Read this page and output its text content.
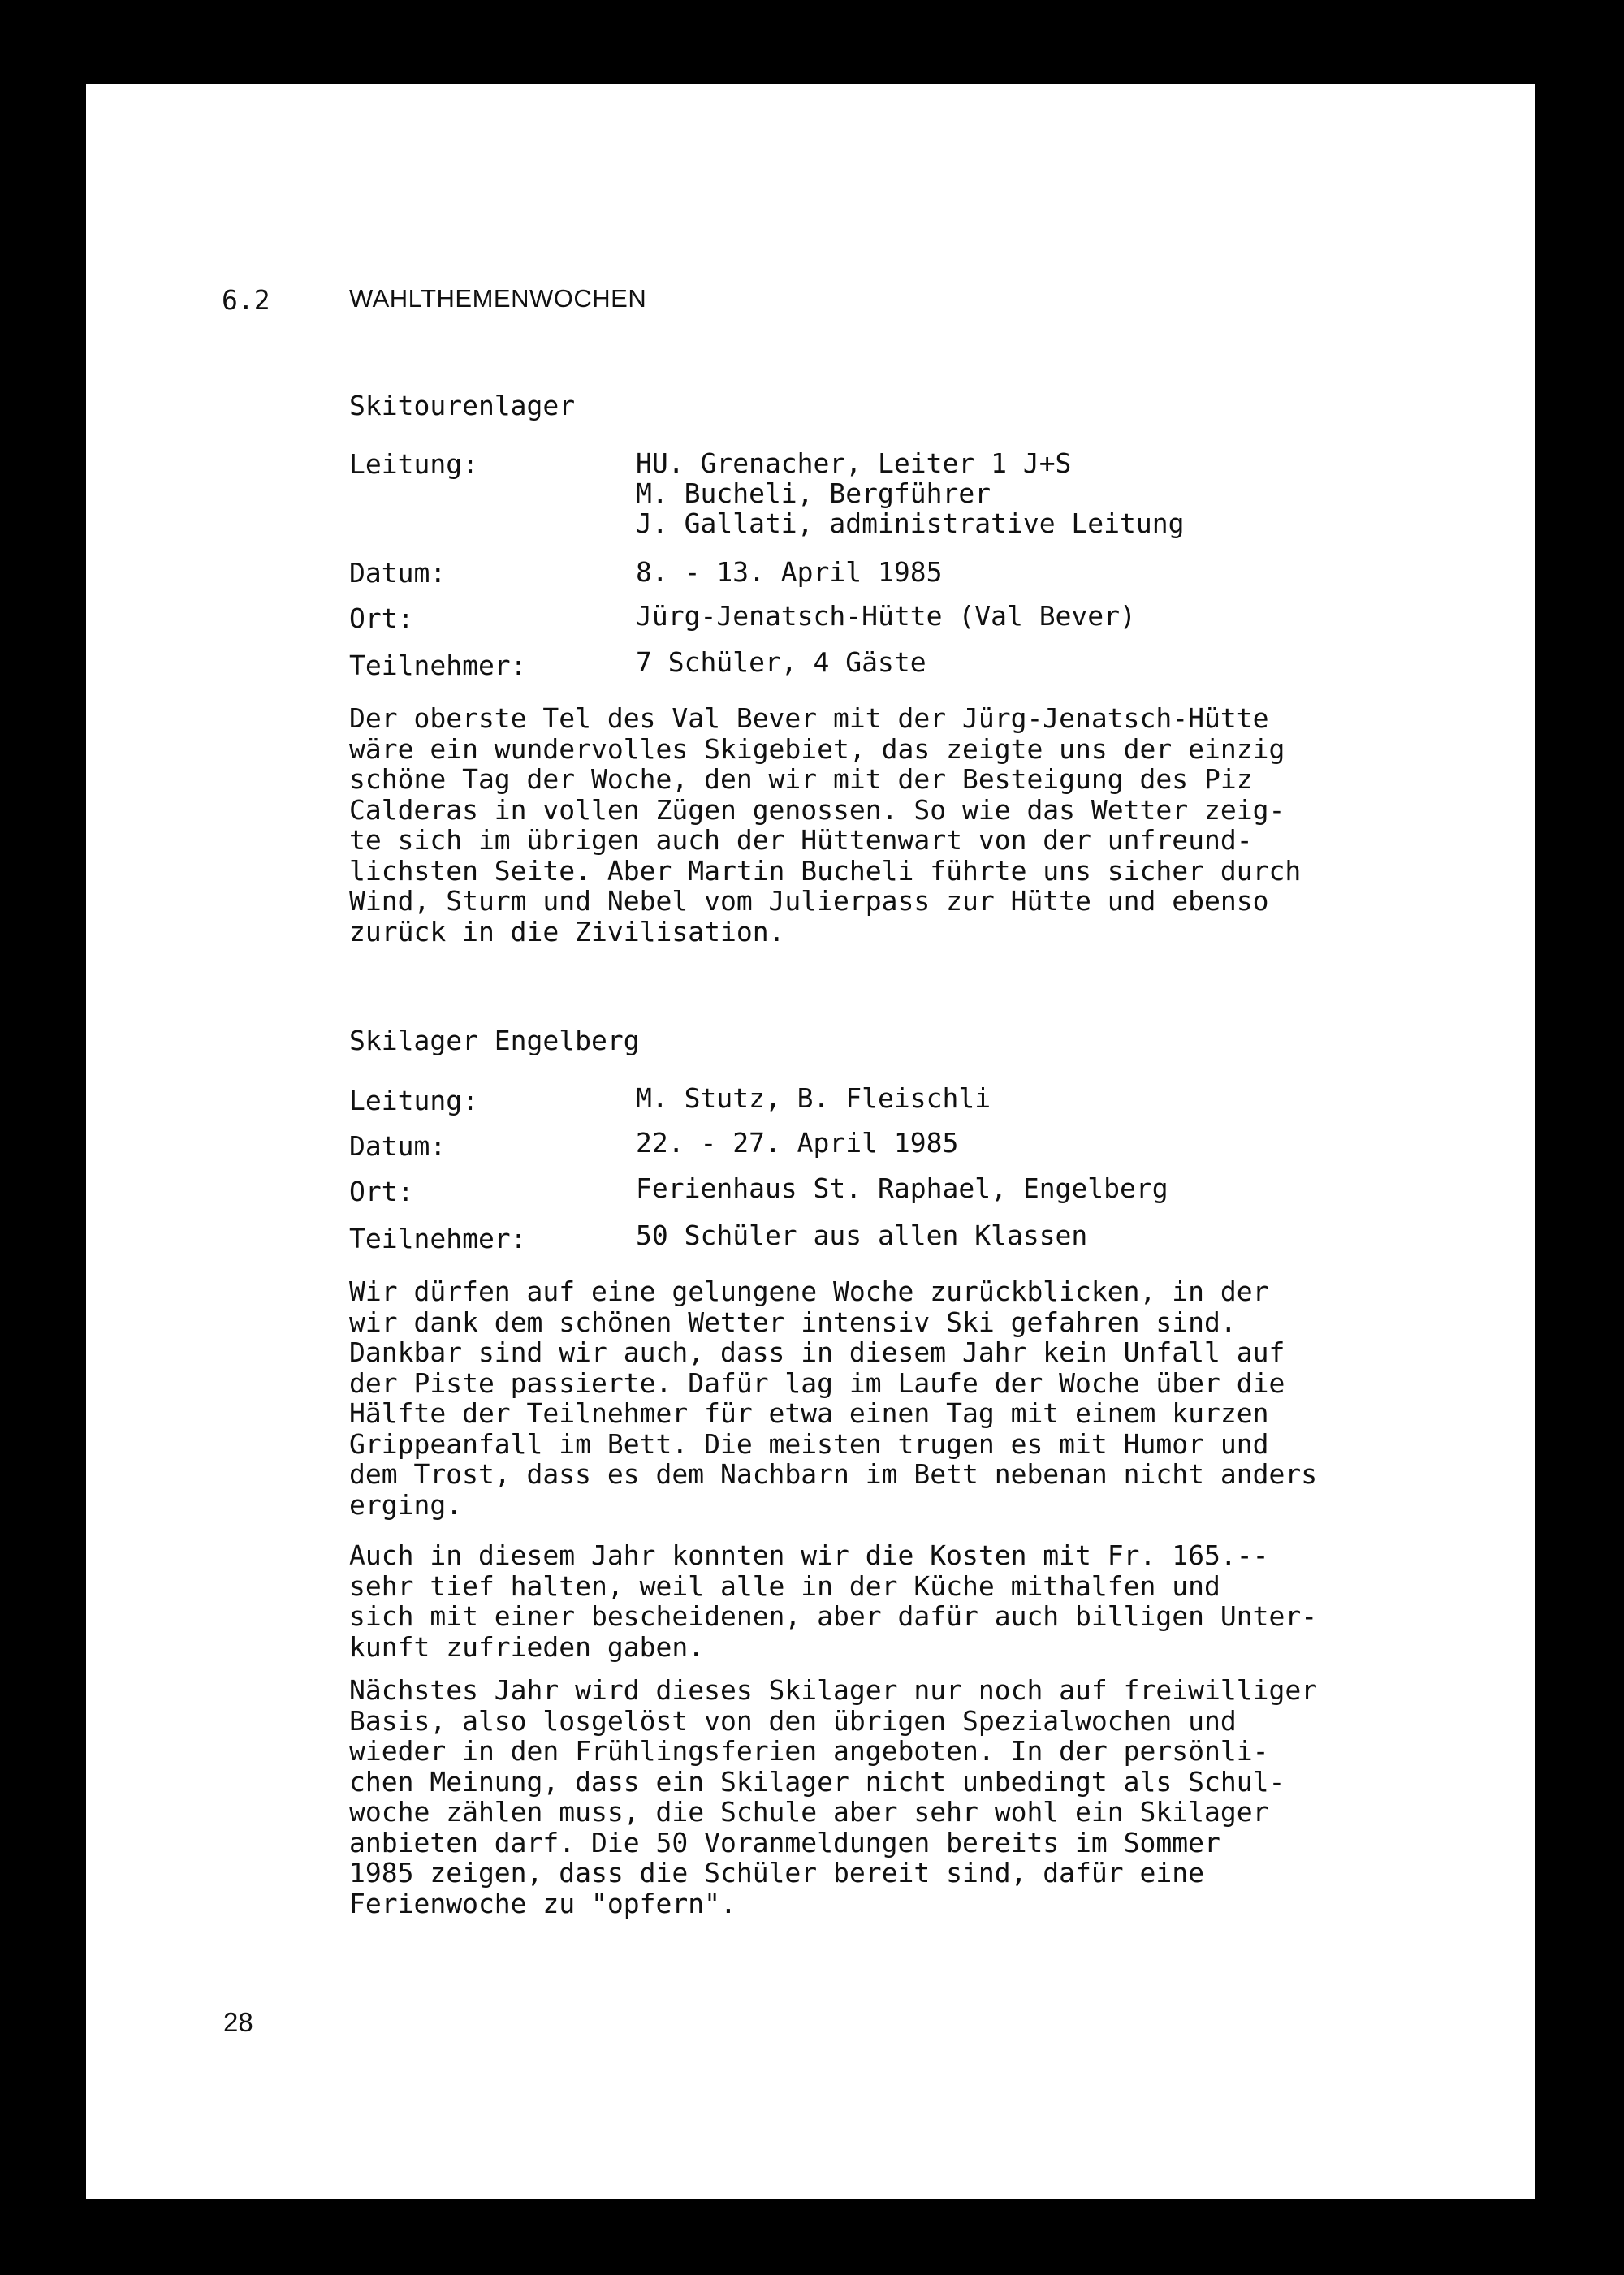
6.2	WAHLTHEMENWOCHEN
Skitourenlager
Leitung:	HU. Grenacher, Leiter 1 J+S
M. Bucheli, Bergführer
J. Gallati, administrative Leitung
Datum:	8. - 13. April 1985
Ort:	Jürg-Jenatsch-Hütte (Val Bever)
Teilnehmer:	7 Schüler, 4 Gäste
Der oberste Tel des Val Bever mit der Jürg-Jenatsch-Hütte
wäre ein wundervolles Skigebiet, das zeigte uns der einzig
schöne Tag der Woche, den wir mit der Besteigung des Piz
Calderas in vollen Zügen genossen. So wie das Wetter zeig-
te sich im übrigen auch der Hüttenwart von der unfreund-
lichsten Seite. Aber Martin Bucheli führte uns sicher durch
Wind, Sturm und Nebel vom Julierpass zur Hütte und ebenso
zurück in die Zivilisation.
Skilager Engelberg
Leitung:	M. Stutz, B. Fleischli
Datum:	22. - 27. April 1985
Ort:	Ferienhaus St. Raphael, Engelberg
Teilnehmer:	50 Schüler aus allen Klassen
Wir dürfen auf eine gelungene Woche zurückblicken, in der
wir dank dem schönen Wetter intensiv Ski gefahren sind.
Dankbar sind wir auch, dass in diesem Jahr kein Unfall auf
der Piste passierte. Dafür lag im Laufe der Woche über die
Hälfte der Teilnehmer für etwa einen Tag mit einem kurzen
Grippeanfall im Bett. Die meisten trugen es mit Humor und
dem Trost, dass es dem Nachbarn im Bett nebenan nicht anders
erging.
Auch in diesem Jahr konnten wir die Kosten mit Fr. 165.--
sehr tief halten, weil alle in der Küche mithalfen und
sich mit einer bescheidenen, aber dafür auch billigen Unter-
kunft zufrieden gaben.
Nächstes Jahr wird dieses Skilager nur noch auf freiwilliger
Basis, also losgelöst von den übrigen Spezialwochen und
wieder in den Frühlingsferien angeboten. In der persönli-
chen Meinung, dass ein Skilager nicht unbedingt als Schul-
woche zählen muss, die Schule aber sehr wohl ein Skilager
anbieten darf. Die 50 Voranmeldungen bereits im Sommer
1985 zeigen, dass die Schüler bereit sind, dafür eine
Ferienwoche zu "opfern".
28
